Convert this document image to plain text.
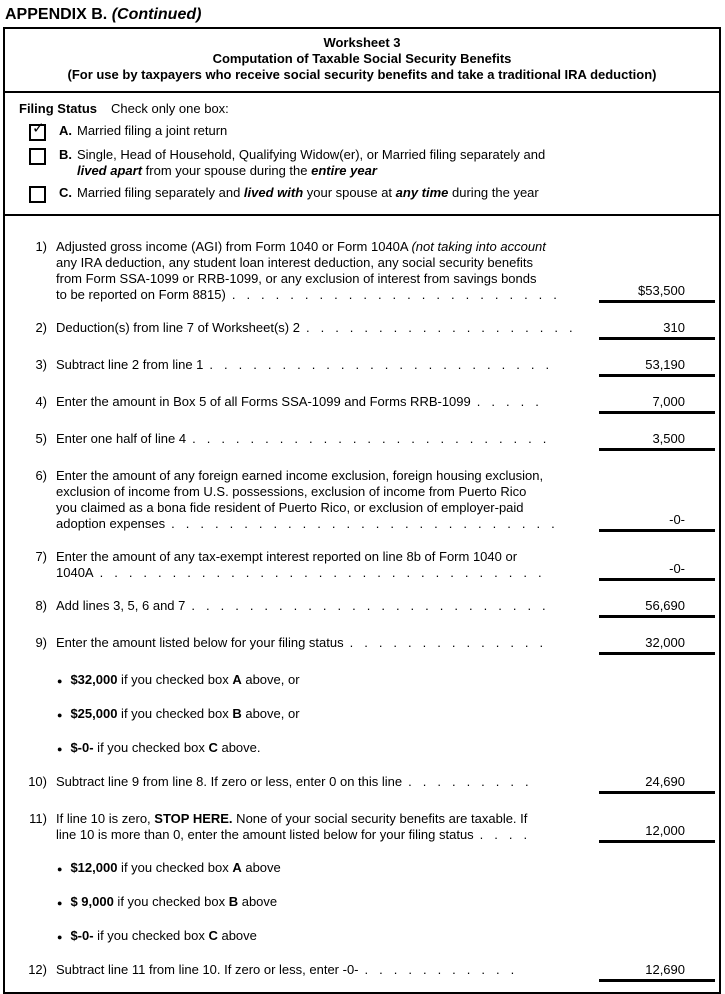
APPENDIX B. (Continued)
Worksheet 3
Computation of Taxable Social Security Benefits
(For use by taxpayers who receive social security benefits and take a traditional IRA deduction)
Filing Status Check only one box:
✓ A. Married filing a joint return
B. Single, Head of Household, Qualifying Widow(er), or Married filing separately and
lived apart from your spouse during the entire year
C. Married filing separately and lived with your spouse at any time during the year
1) Adjusted gross income (AGI) from Form 1040 or Form 1040A (not taking into account
any IRA deduction, any student loan interest deduction, any social security benefits
from Form SSA-1099 or RRB-1099, or any exclusion of interest from savings bonds
to be reported on Form 8815) .......................	$53,500
2) Deduction(s) from line 7 of Worksheet(s) 2 ...................	310
3) Subtract line 2 from line 1 ........................	53,190
4) Enter the amount in Box 5 of all Forms SSA-1099 and Forms RRB-1099 .....	7,000
5) Enter one half of line 4 .........................	3,500
6) Enter the amount of any foreign earned income exclusion, foreign housing exclusion,
exclusion of income from U.S. possessions, exclusion of income from Puerto Rico
you claimed as a bona fide resident of Puerto Rico, or exclusion of employer-paid
adoption expenses ...........................	-0-
7) Enter the amount of any tax-exempt interest reported on line 8b of Form 1040 or
1040A ...............................	-0-
8) Add lines 3, 5, 6 and 7 .........................	56,690
9) Enter the amount listed below for your filing status ..............	32,000
● $32,000 if you checked box A above, or
● $25,000 if you checked box B above, or
● $-0- if you checked box C above.
10) Subtract line 9 from line 8. If zero or less, enter 0 on this line .........	24,690
11) If line 10 is zero, STOP HERE. None of your social security benefits are taxable. If
line 10 is more than 0, enter the amount listed below for your filing status ....	12,000
● $12,000 if you checked box A above
● $ 9,000 if you checked box B above
● $-0- if you checked box C above
12) Subtract line 11 from line 10. If zero or less, enter -0- ...........	12,690
